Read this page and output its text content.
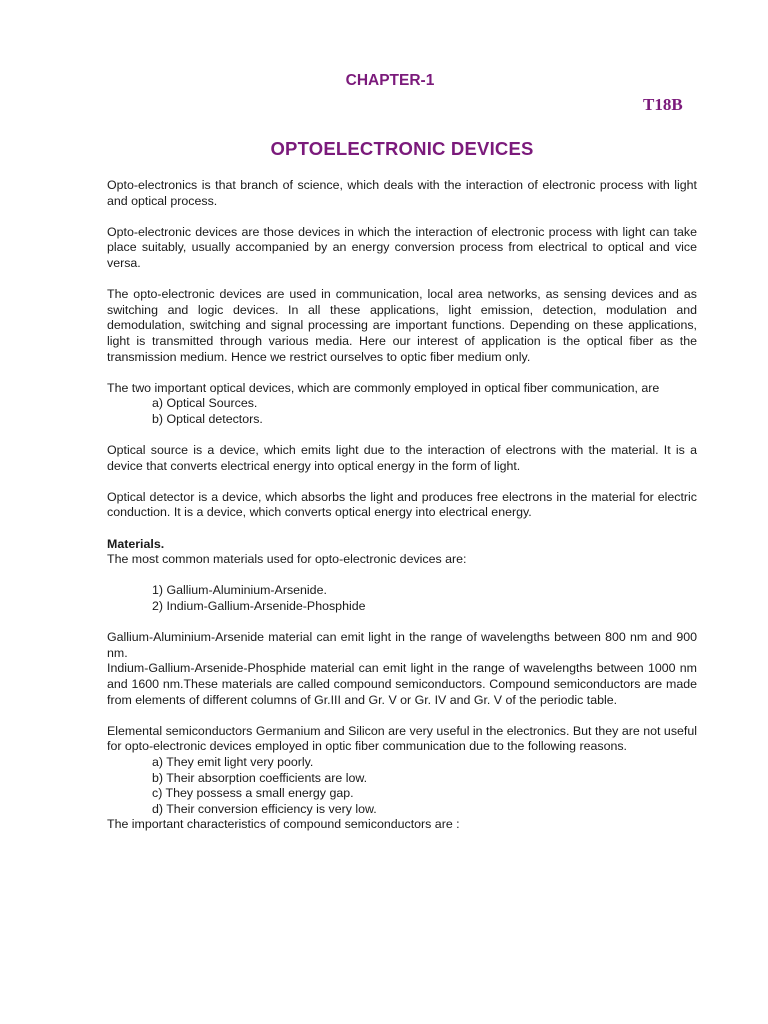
CHAPTER-1
T18B
OPTOELECTRONIC DEVICES

Opto-electronics is that branch of science, which deals with the interaction of electronic process with light and optical process.

Opto-electronic devices are those devices in which the interaction of electronic process with light can take place suitably, usually accompanied by an energy conversion process from electrical to optical and vice versa.

The opto-electronic devices are used in communication, local area networks, as sensing devices and as switching and logic devices. In all these applications, light emission, detection, modulation and demodulation, switching and signal processing are important functions. Depending on these applications, light is transmitted through various media. Here our interest of application is the optical fiber as the transmission medium. Hence we restrict ourselves to optic fiber medium only.

The two important optical devices, which are commonly employed in optical fiber communication, are

a) Optical Sources.
b) Optical detectors.

Optical source is a device, which emits light due to the interaction of electrons with the material. It is a device that converts electrical energy into optical energy in the form of light.

Optical detector is a device, which absorbs the light and produces free electrons in the material for electric conduction. It is a device, which converts optical energy into electrical energy.

Materials.

The most common materials used for opto-electronic devices are:

1) Gallium-Aluminium-Arsenide.
2) Indium-Gallium-Arsenide-Phosphide

Gallium-Aluminium-Arsenide material can emit light in the range of wavelengths between 800 nm and 900 nm.

Indium-Gallium-Arsenide-Phosphide material can emit light in the range of wavelengths between 1000 nm and 1600 nm.These materials are called compound semiconductors. Compound semiconductors are made from elements of different columns of Gr.III and Gr. V or Gr. IV and Gr. V of the periodic table.

Elemental semiconductors Germanium and Silicon are very useful in the electronics. But they are not useful for opto-electronic devices employed in optic fiber communication due to the following reasons.

a) They emit light very poorly.
b) Their absorption coefficients are low.
c) They possess a small energy gap.
d) Their conversion efficiency is very low.

The important characteristics of compound semiconductors are :
